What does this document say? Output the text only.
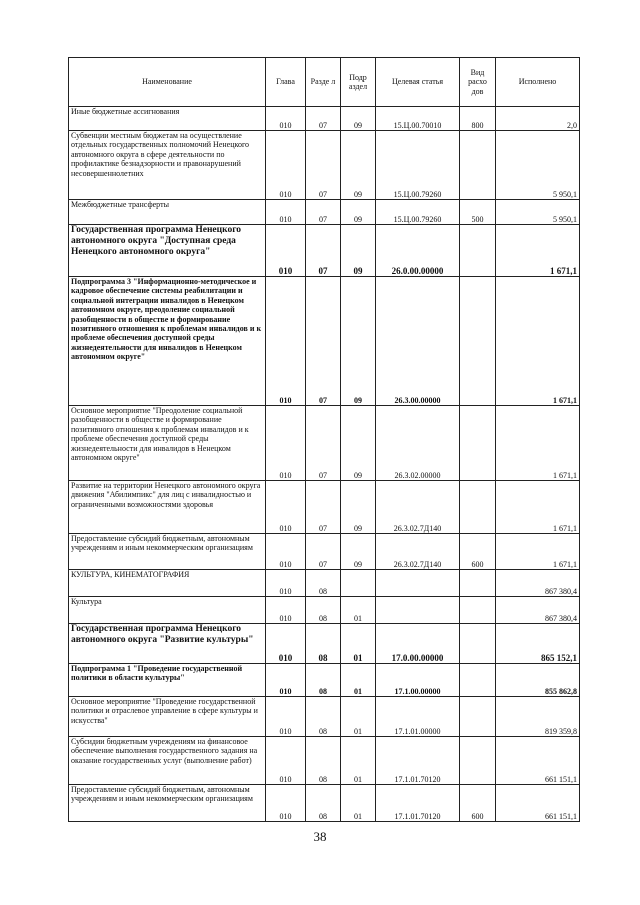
Наименование	Глава	Разде л	Подр аздел	Целевая статья	Вид расхо дов	Исполнено
Иные бюджетные ассигнования	010	07	09	15.Ц.00.70010	800	2,0
Субвенции местным бюджетам на осуществление отдельных государственных полномочий Ненецкого автономного округа в сфере деятельности по профилактике безнадзорности и правонарушений несовершеннолетних	010	07	09	15.Ц.00.79260		5 950,1
Межбюджетные трансферты	010	07	09	15.Ц.00.79260	500	5 950,1
Государственная программа Ненецкого автономного округа "Доступная среда Ненецкого автономного округа"	010	07	09	26.0.00.00000		1 671,1
Подпрограмма 3 "Информационно-методическое и кадровое обеспечение системы реабилитации и социальной интеграции инвалидов в Ненецком автономном округе, преодоление социальной разобщенности в обществе и формирование позитивного отношения к проблемам инвалидов и к проблеме обеспечения доступной среды жизнедеятельности для инвалидов в Ненецком автономном округе"	010	07	09	26.3.00.00000		1 671,1
Основное мероприятие "Преодоление социальной разобщенности в обществе и формирование позитивного отношения к проблемам инвалидов и к проблеме обеспечения доступной среды жизнедеятельности для инвалидов в Ненецком автономном округе"	010	07	09	26.3.02.00000		1 671,1
Развитие на территории Ненецкого автономного округа движения "Абилимпикс" для лиц с инвалидностью и ограниченными возможностями здоровья	010	07	09	26.3.02.7Д140		1 671,1
Предоставление субсидий бюджетным, автономным учреждениям и иным некоммерческим организациям	010	07	09	26.3.02.7Д140	600	1 671,1
КУЛЬТУРА, КИНЕМАТОГРАФИЯ	010	08				867 380,4
Культура	010	08	01			867 380,4
Государственная программа Ненецкого автономного округа "Развитие культуры"	010	08	01	17.0.00.00000		865 152,1
Подпрограмма 1 "Проведение государственной политики в области культуры"	010	08	01	17.1.00.00000		855 862,8
Основное мероприятие "Проведение государственной политики и отраслевое управление в сфере культуры и искусства"	010	08	01	17.1.01.00000		819 359,8
Субсидии бюджетным учреждениям на финансовое обеспечение выполнения государственного задания на оказание государственных услуг (выполнение работ)	010	08	01	17.1.01.70120		661 151,1
Предоставление субсидий бюджетным, автономным учреждениям и иным некоммерческим организациям	010	08	01	17.1.01.70120	600	661 151,1
38
